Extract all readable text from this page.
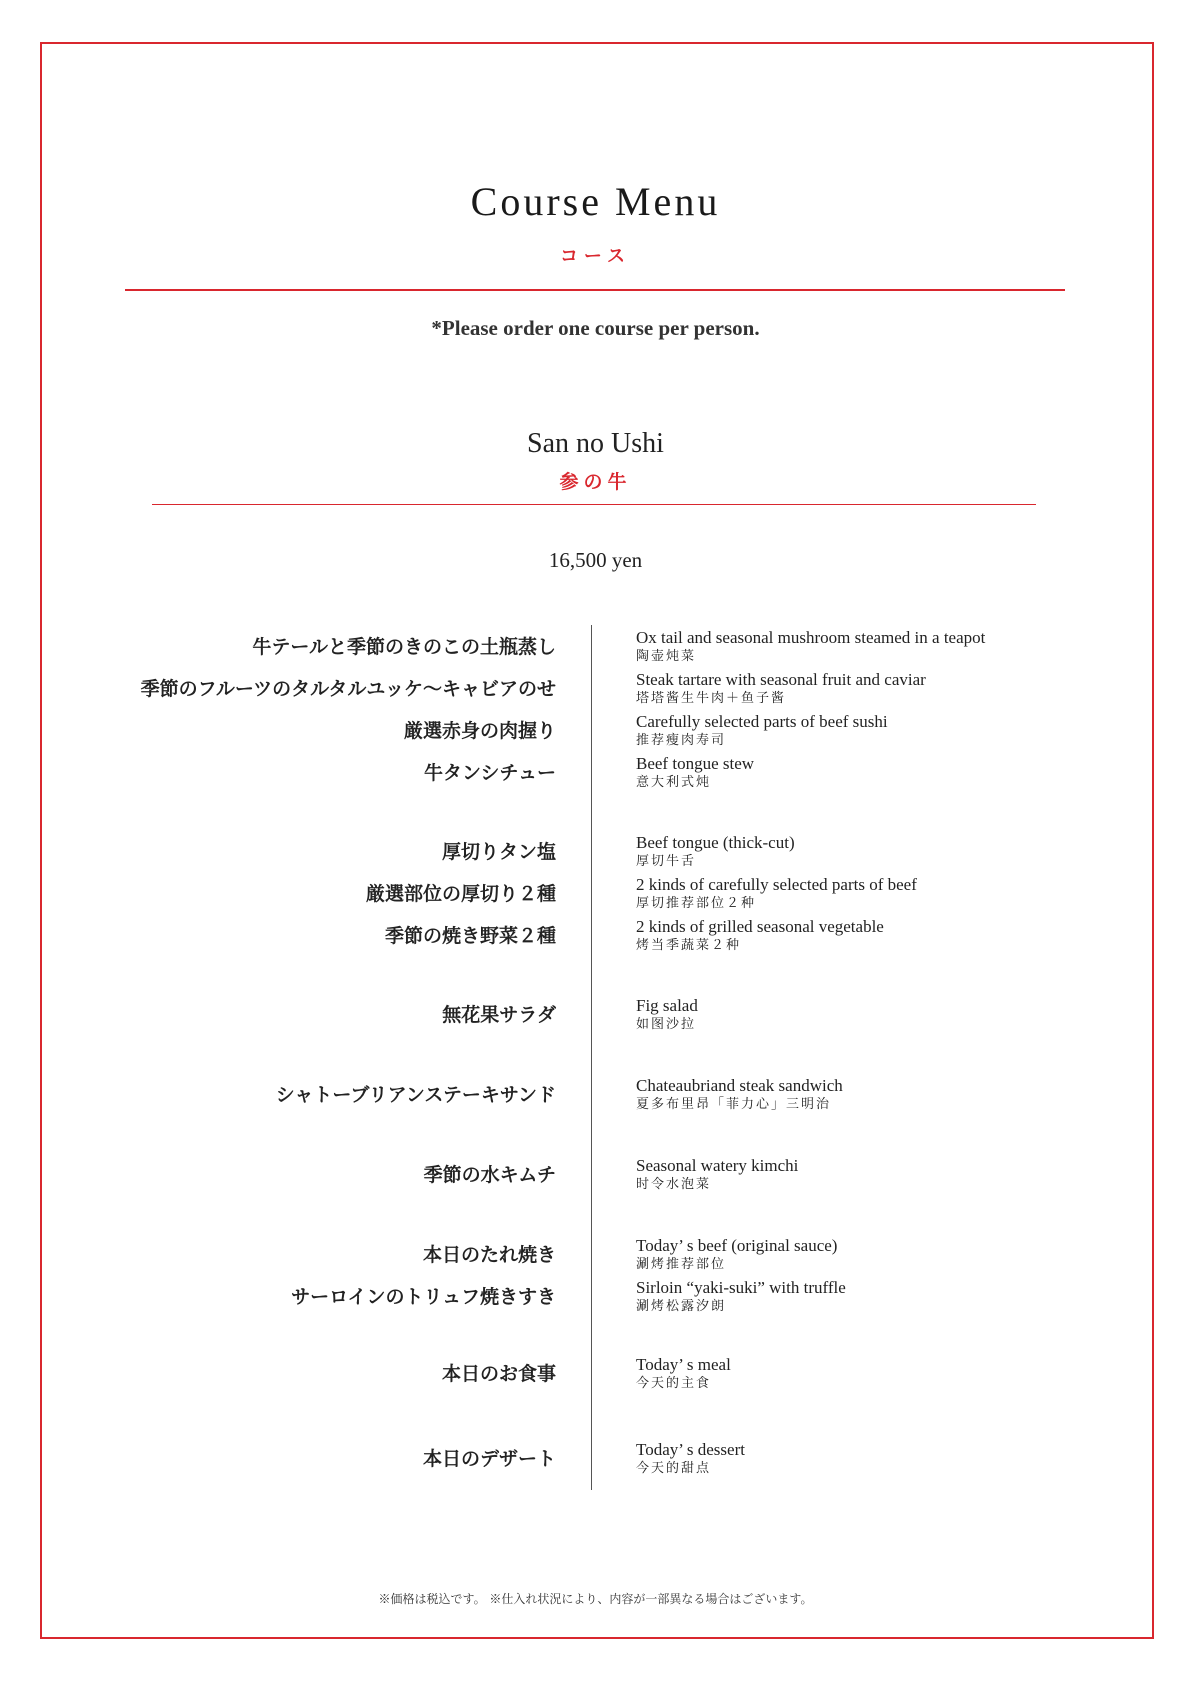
Course Menu
コース
*Please order one course per person.
San no Ushi
参の牛
16,500 yen
牛テールと季節のきのこの土瓶蒸し	Ox tail and seasonal mushroom steamed in a teapot
陶壶炖菜
季節のフルーツのタルタルユッケ〜キャビアのせ	Steak tartare with seasonal fruit and caviar
塔塔酱生牛肉＋鱼子酱
厳選赤身の肉握り	Carefully selected parts of beef sushi
推荐瘦肉寿司
牛タンシチュー	Beef tongue stew
意大利式炖
厚切りタン塩	Beef tongue (thick-cut)
厚切牛舌
厳選部位の厚切り２種	2 kinds of carefully selected parts of beef
厚切推荐部位２种
季節の焼き野菜２種	2 kinds of grilled seasonal vegetable
烤当季蔬菜２种
無花果サラダ	Fig salad
如图沙拉
シャトーブリアンステーキサンド	Chateaubriand steak sandwich
夏多布里昂「菲力心」三明治
季節の水キムチ	Seasonal watery kimchi
时令水泡菜
本日のたれ焼き	Today’ s beef (original sauce)
涮烤推荐部位
サーロインのトリュフ焼きすき	Sirloin “yaki-suki” with truffle
涮烤松露汐朗
本日のお食事	Today’ s meal
今天的主食
本日のデザート	Today’ s dessert
今天的甜点
※価格は税込です。 ※仕入れ状況により、内容が一部異なる場合はございます。
